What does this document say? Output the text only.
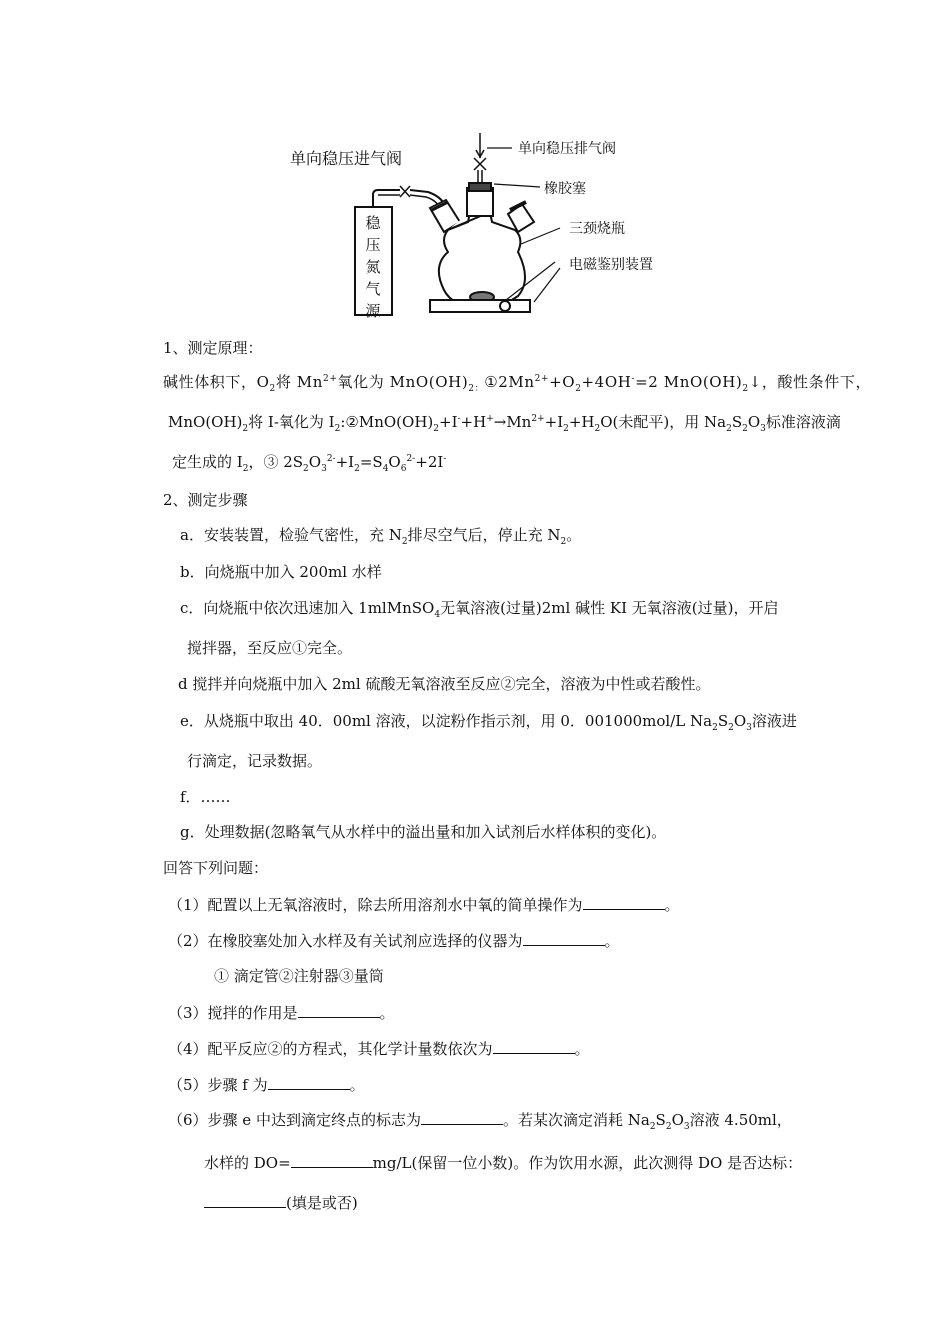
单向稳压进气阀	单向稳压排气阀
橡胶塞
三颈烧瓶
电磁鉴别装置
稳
压
氮
气
源
1、测定原理：
碱性体积下，$O_2$将 $Mn^{2+}$氧化为 $MnO(OH)_{2:}①2Mn^{2+}+O_2+4OH^-=2$ $MnO(OH)_2↓$，酸性条件下，
$MnO(OH)_2$将 I-氧化为 $I_2:②MnO(OH)_2+I^-+H^+\to Mn^{2+}+I_2+H_2O$(未配平)，用 $Na_2S_2O_3$标准溶液滴
定生成的 $I_2$，③ $2S_2O_3^{2-}+I_2=S_4O_6^{2-}+2I^-$
2、测定步骤
a．安装装置，检验气密性，充 $N_2$排尽空气后，停止充 $N_2$。
b．向烧瓶中加入 200ml 水样
c．向烧瓶中依次迅速加入 1mlMnSO$_4$无氧溶液(过量)2ml 碱性 KI 无氧溶液(过量)，开启
搅拌器，至反应①完全。
d 搅拌并向烧瓶中加入 2ml 硫酸无氧溶液至反应②完全，溶液为中性或若酸性。
e．从烧瓶中取出 40．00ml 溶液，以淀粉作指示剂，用 0．001000mol/L $Na_2S_2O_3$溶液进
行滴定，记录数据。
f．……
g．处理数据(忽略氧气从水样中的溢出量和加入试剂后水样体积的变化)。
回答下列问题：
（1）配置以上无氧溶液时，除去所用溶剂水中氧的简单操作为	。
（2）在橡胶塞处加入水样及有关试剂应选择的仪器为	。
① 滴定管②注射器③量筒
（3）搅拌的作用是	。
（4）配平反应②的方程式，其化学计量数依次为	。
（5）步骤 f 为	。
（6）步骤 e 中达到滴定终点的标志为	。若某次滴定消耗 $Na_2S_2O_3$溶液 4.50ml，
水样的 DO=	mg/L(保留一位小数)。作为饮用水源，此次测得 DO 是否达标：
(填是或否)
